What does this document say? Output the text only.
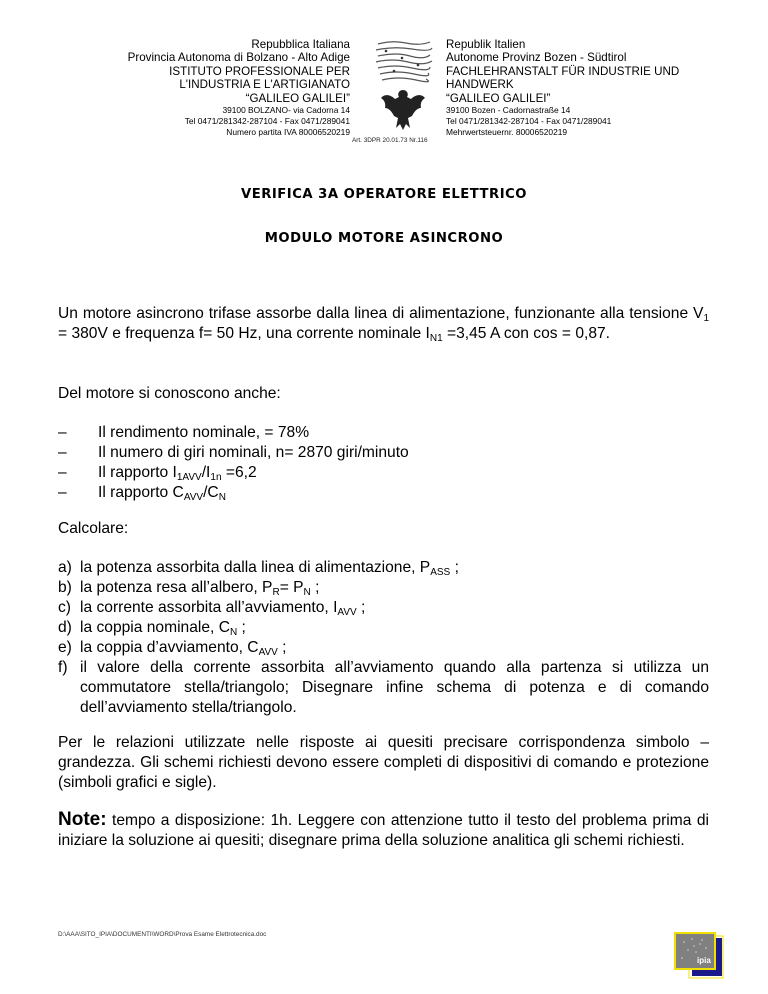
Repubblica Italiana
Provincia Autonoma di Bolzano - Alto Adige
ISTITUTO PROFESSIONALE PER
L'INDUSTRIA E L'ARTIGIANATO
“GALILEO GALILEI”
39100 BOLZANO- via Cadorna 14
Tel 0471/281342-287104 - Fax 0471/289041
Numero partita IVA 80006520219
Art. 3DPR 20.01.73 Nr.116
Republik Italien
Autonome Provinz Bozen - Südtirol
FACHLEHRANSTALT FÜR INDUSTRIE UND
HANDWERK
“GALILEO GALILEI”
39100 Bozen - Cadornastraße 14
Tel 0471/281342-287104 - Fax 0471/289041
Mehrwertsteuernr. 80006520219
VERIFICA 3A OPERATORE ELETTRICO
MODULO MOTORE ASINCRONO
Un motore asincrono trifase assorbe dalla linea di alimentazione, funzionante alla tensione $V_1 = 380V$ e frequenza f= 50 Hz, una corrente nominale $I_{N1} =3,45$ A con cos = 0,87.
Del motore si conoscono anche:
– Il rendimento nominale, = 78%
– Il numero di giri nominali, n= 2870 giri/minuto
– Il rapporto $I_{1AVV}/I_{1n} =6,2$
– Il rapporto $C_{AVV}/C_N$
Calcolare:
a) la potenza assorbita dalla linea di alimentazione, $P_{ASS}$ ;
b) la potenza resa all’albero, $P_R= P_N$ ;
c) la corrente assorbita all’avviamento, $I_{AVV}$ ;
d) la coppia nominale, $C_N$ ;
e) la coppia d’avviamento, $C_{AVV}$ ;
f) il valore della corrente assorbita all’avviamento quando alla partenza si utilizza un commutatore stella/triangolo; Disegnare infine schema di potenza e di comando dell’avviamento stella/triangolo.
Per le relazioni utilizzate nelle risposte ai quesiti precisare corrispondenza simbolo – grandezza. Gli schemi richiesti devono essere completi di dispositivi di comando e protezione (simboli grafici e sigle).
Note: tempo a disposizione: 1h. Leggere con attenzione tutto il testo del problema prima di iniziare la soluzione ai quesiti; disegnare prima della soluzione analitica gli schemi richiesti.
D:\AAA\SITO_IPIA\DOCUMENTI\WORD\Prova Esame Elettrotecnica.doc
ipia
